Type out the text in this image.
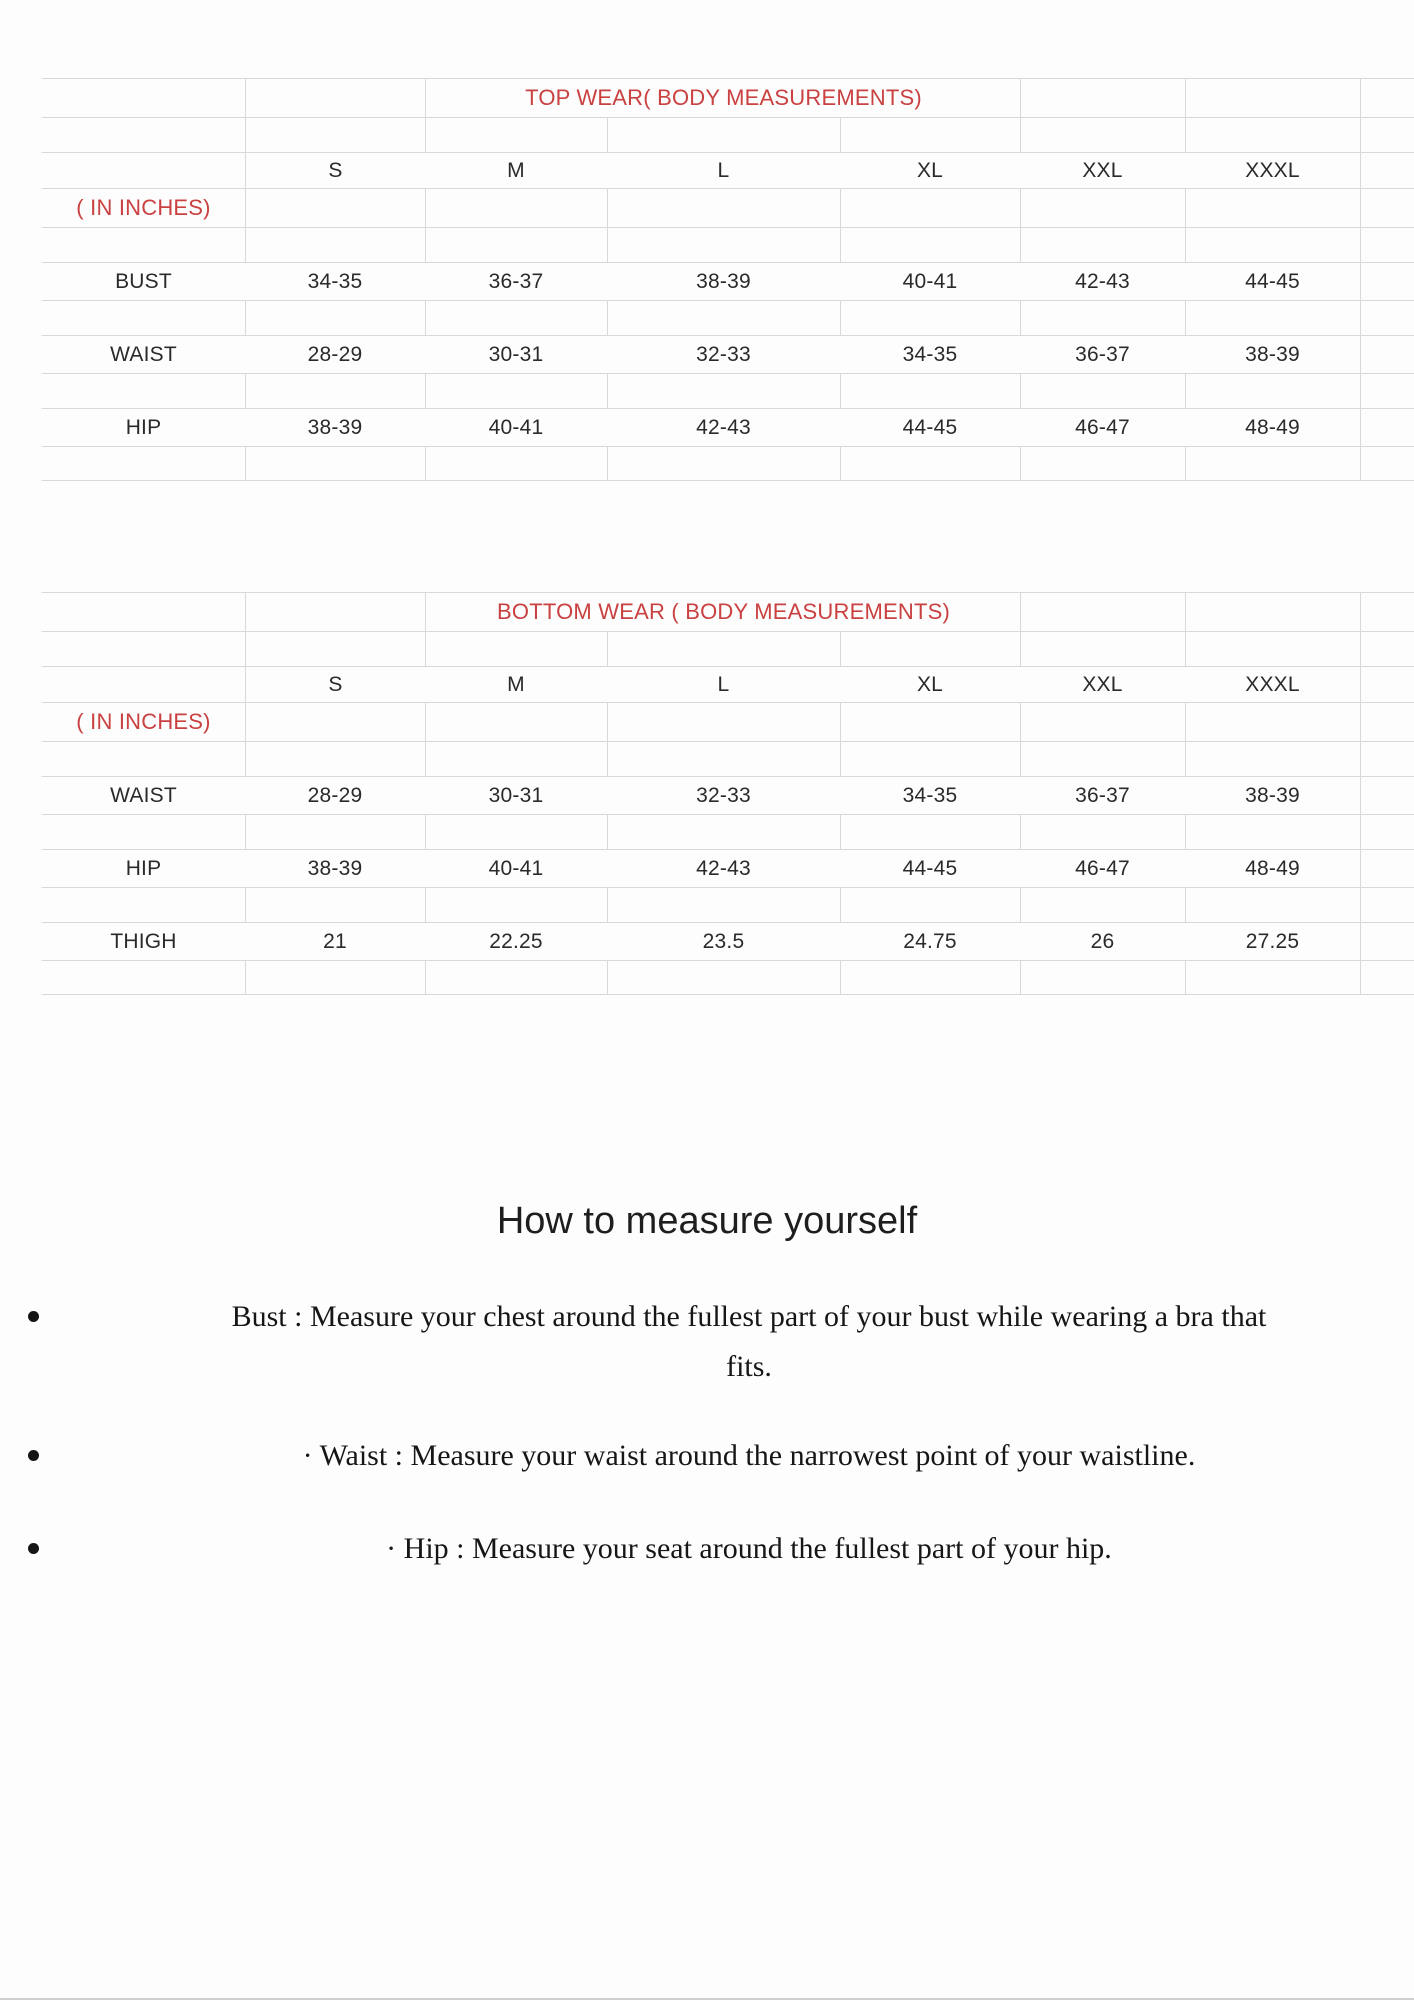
TOP WEAR( BODY MEASUREMENTS)
S	M	L	XL	XXL	XXXL
( IN INCHES)
BUST	34-35	36-37	38-39	40-41	42-43	44-45
WAIST	28-29	30-31	32-33	34-35	36-37	38-39
HIP	38-39	40-41	42-43	44-45	46-47	48-49
BOTTOM WEAR ( BODY MEASUREMENTS)
S	M	L	XL	XXL	XXXL
( IN INCHES)
WAIST	28-29	30-31	32-33	34-35	36-37	38-39
HIP	38-39	40-41	42-43	44-45	46-47	48-49
THIGH	21	22.25	23.5	24.75	26	27.25
How to measure yourself
Bust : Measure your chest around the fullest part of your bust while wearing a bra that
fits.
· Waist : Measure your waist around the narrowest point of your waistline.
· Hip : Measure your seat around the fullest part of your hip.
